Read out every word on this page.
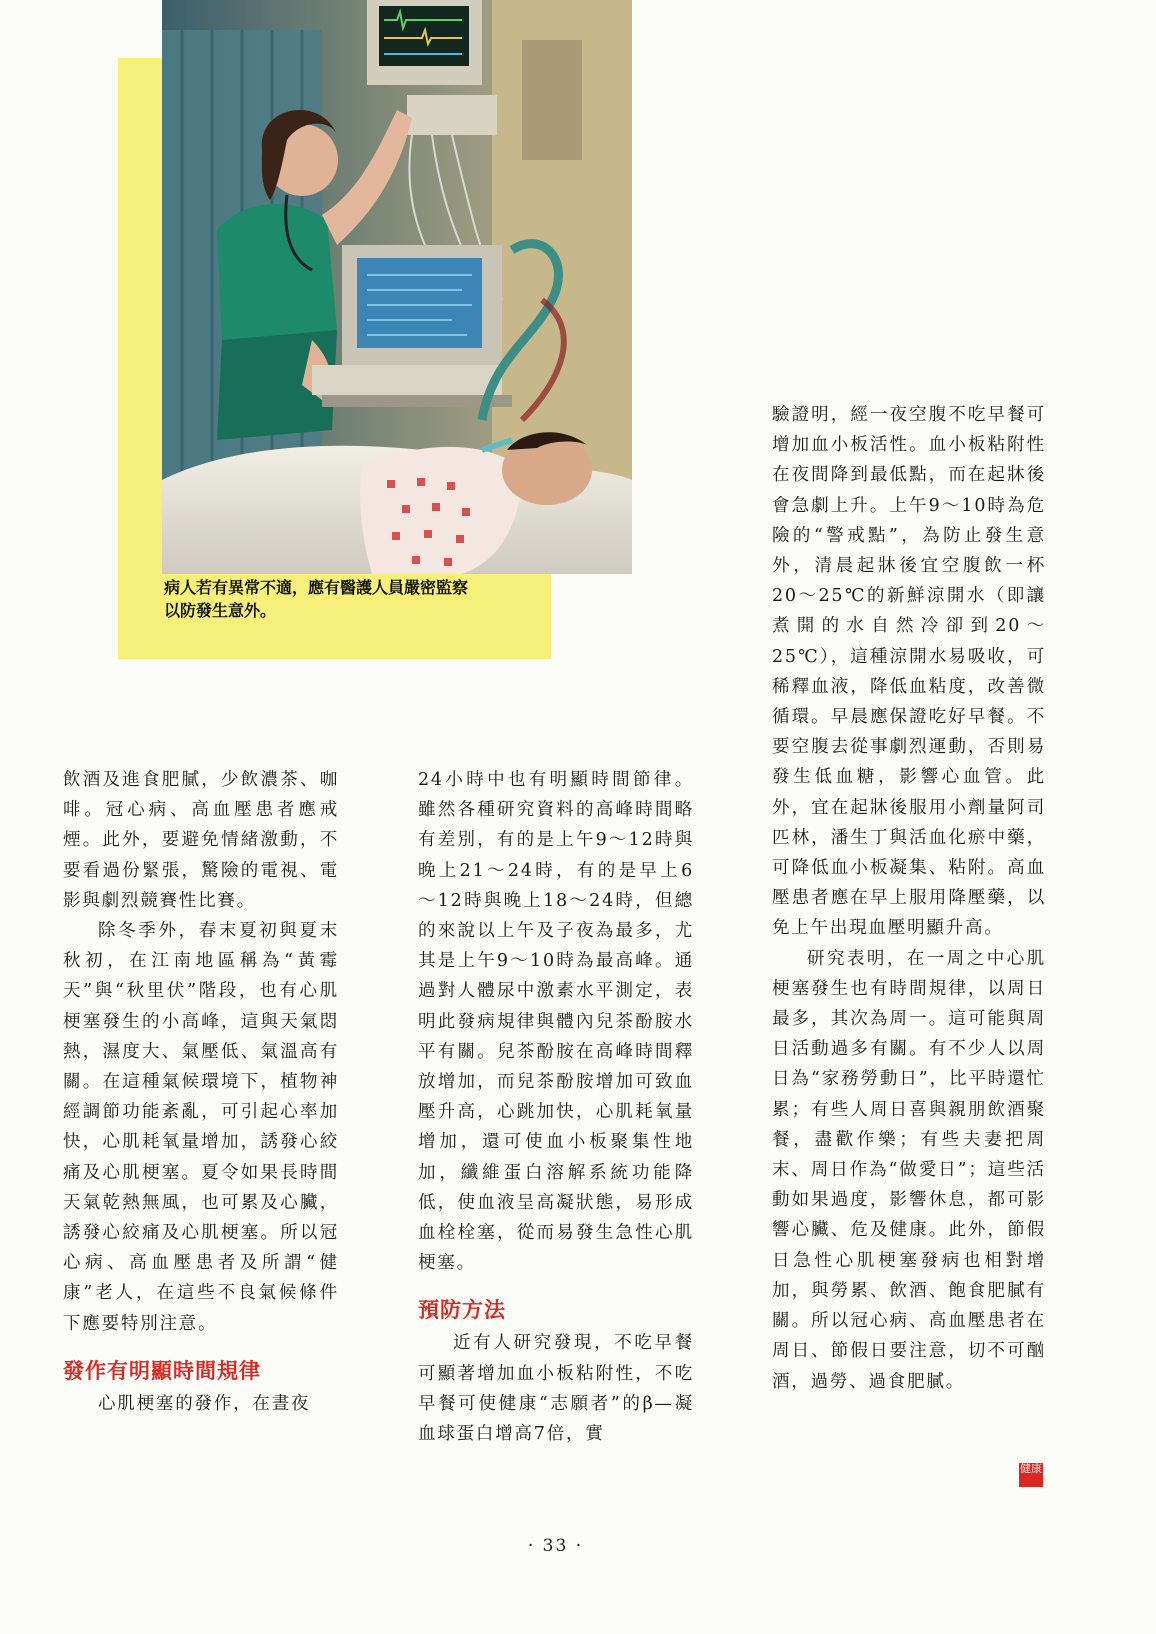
病人若有異常不適，應有醫護人員嚴密監察
以防發生意外。

飲酒及進食肥膩，少飲濃茶、咖啡。冠心病、高血壓患者應戒煙。此外，要避免情緒激動，不要看過份緊張，驚險的電視、電影與劇烈競賽性比賽。

除冬季外，春末夏初與夏末秋初，在江南地區稱為“黃霉天”與“秋里伏”階段，也有心肌梗塞發生的小高峰，這與天氣悶熱，濕度大、氣壓低、氣溫高有關。在這種氣候環境下，植物神經調節功能紊亂，可引起心率加快，心肌耗氧量增加，誘發心絞痛及心肌梗塞。夏令如果長時間天氣乾熱無風，也可累及心臟，誘發心絞痛及心肌梗塞。所以冠心病、高血壓患者及所謂“健康”老人，在這些不良氣候條件下應要特別注意。

發作有明顯時間規律

心肌梗塞的發作，在晝夜

24小時中也有明顯時間節律。雖然各種研究資料的高峰時間略有差別，有的是上午9～12時與晚上21～24時，有的是早上6～12時與晚上18～24時，但總的來說以上午及子夜為最多，尤其是上午9～10時為最高峰。通過對人體尿中激素水平測定，表明此發病規律與體內兒茶酚胺水平有關。兒茶酚胺在高峰時間釋放增加，而兒茶酚胺增加可致血壓升高，心跳加快，心肌耗氧量增加，還可使血小板聚集性地加，纖維蛋白溶解系統功能降低，使血液呈高凝狀態，易形成血栓栓塞，從而易發生急性心肌梗塞。

預防方法

近有人研究發現，不吃早餐可顯著增加血小板粘附性，不吃早餐可使健康“志願者”的β—凝血球蛋白增高7倍，實

驗證明，經一夜空腹不吃早餐可增加血小板活性。血小板粘附性在夜間降到最低點，而在起牀後會急劇上升。上午9～10時為危險的“警戒點”，為防止發生意外，清晨起牀後宜空腹飲一杯20～25℃的新鮮涼開水（即讓煮開的水自然冷卻到20～25℃），這種涼開水易吸收，可稀釋血液，降低血粘度，改善微循環。早晨應保證吃好早餐。不要空腹去從事劇烈運動，否則易發生低血糖，影響心血管。此外，宜在起牀後服用小劑量阿司匹林，潘生丁與活血化瘀中藥，可降低血小板凝集、粘附。高血壓患者應在早上服用降壓藥，以免上午出現血壓明顯升高。

研究表明，在一周之中心肌梗塞發生也有時間規律，以周日最多，其次為周一。這可能與周日活動過多有關。有不少人以周日為“家務勞動日”，比平時還忙累；有些人周日喜與親朋飲酒聚餐，盡歡作樂；有些夫妻把周末、周日作為“做愛日”；這些活動如果過度，影響休息，都可影響心臟、危及健康。此外，節假日急性心肌梗塞發病也相對增加，與勞累、飲酒、飽食肥膩有關。所以冠心病、高血壓患者在周日、節假日要注意，切不可酗酒，過勞、過食肥膩。

健康
· 33 ·
